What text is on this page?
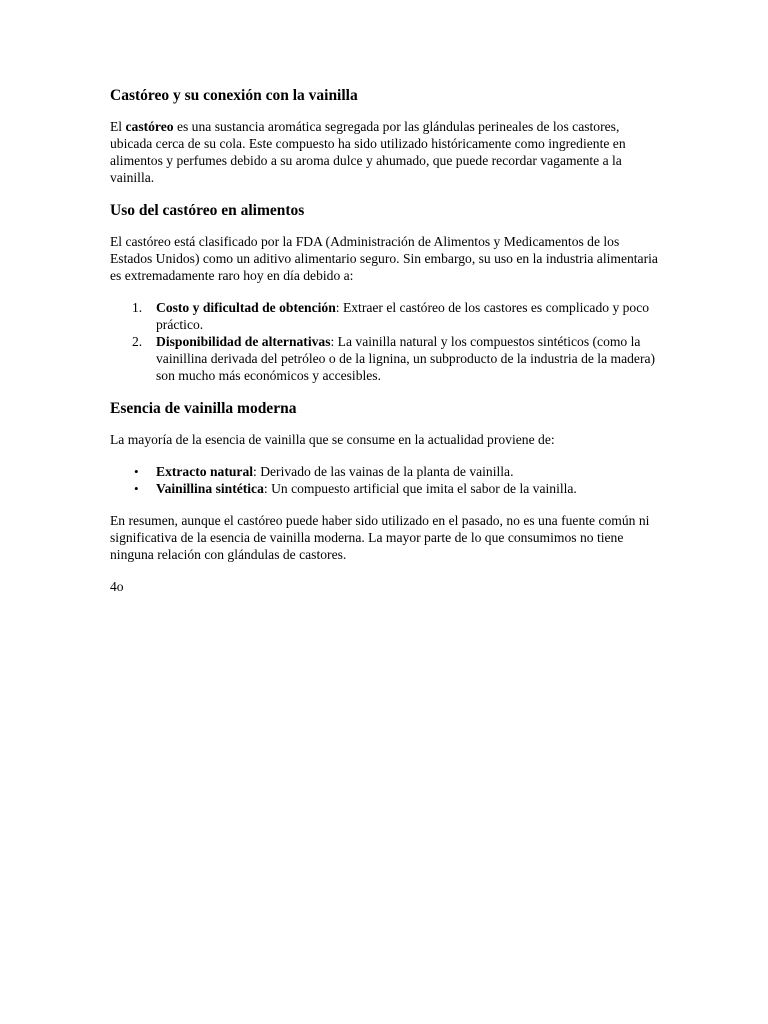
Castóreo y su conexión con la vainilla

El castóreo es una sustancia aromática segregada por las glándulas perineales de los castores, ubicada cerca de su cola. Este compuesto ha sido utilizado históricamente como ingrediente en alimentos y perfumes debido a su aroma dulce y ahumado, que puede recordar vagamente a la vainilla.

Uso del castóreo en alimentos

El castóreo está clasificado por la FDA (Administración de Alimentos y Medicamentos de los Estados Unidos) como un aditivo alimentario seguro. Sin embargo, su uso en la industria alimentaria es extremadamente raro hoy en día debido a:

1. Costo y dificultad de obtención: Extraer el castóreo de los castores es complicado y poco práctico.
2. Disponibilidad de alternativas: La vainilla natural y los compuestos sintéticos (como la vainillina derivada del petróleo o de la lignina, un subproducto de la industria de la madera) son mucho más económicos y accesibles.
Esencia de vainilla moderna

La mayoría de la esencia de vainilla que se consume en la actualidad proviene de:

• Extracto natural: Derivado de las vainas de la planta de vainilla.
• Vainillina sintética: Un compuesto artificial que imita el sabor de la vainilla.

En resumen, aunque el castóreo puede haber sido utilizado en el pasado, no es una fuente común ni significativa de la esencia de vainilla moderna. La mayor parte de lo que consumimos no tiene ninguna relación con glándulas de castores.

4o
